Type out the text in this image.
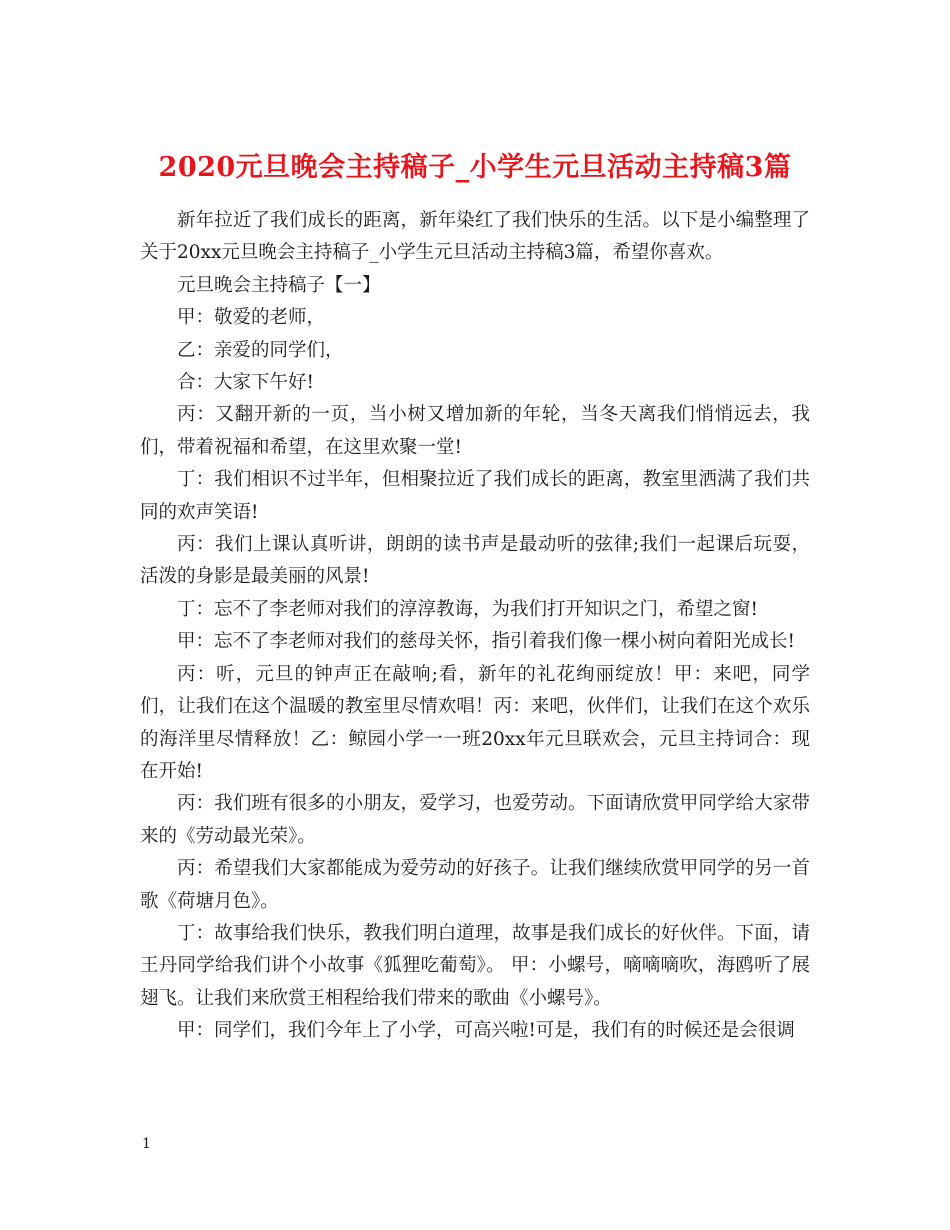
2020元旦晚会主持稿子_小学生元旦活动主持稿3篇

新年拉近了我们成长的距离，新年染红了我们快乐的生活。以下是小编整理了关于20xx元旦晚会主持稿子_小学生元旦活动主持稿3篇，希望你喜欢。

元旦晚会主持稿子【一】

甲：敬爱的老师，

乙：亲爱的同学们，

合：大家下午好!

丙：又翻开新的一页，当小树又增加新的年轮，当冬天离我们悄悄远去，我们，带着祝福和希望，在这里欢聚一堂!

丁：我们相识不过半年，但相聚拉近了我们成长的距离，教室里洒满了我们共同的欢声笑语!

丙：我们上课认真听讲，朗朗的读书声是最动听的弦律;我们一起课后玩耍，活泼的身影是最美丽的风景!

丁：忘不了李老师对我们的淳淳教诲，为我们打开知识之门，希望之窗!

甲：忘不了李老师对我们的慈母关怀，指引着我们像一棵小树向着阳光成长!

丙：听，元旦的钟声正在敲响;看，新年的礼花绚丽绽放！甲：来吧，同学们，让我们在这个温暖的教室里尽情欢唱！丙：来吧，伙伴们，让我们在这个欢乐的海洋里尽情释放！乙：鲸园小学一一班20xx年元旦联欢会，元旦主持词合：现在开始!

丙：我们班有很多的小朋友，爱学习，也爱劳动。下面请欣赏甲同学给大家带来的《劳动最光荣》。

丙：希望我们大家都能成为爱劳动的好孩子。让我们继续欣赏甲同学的另一首歌《荷塘月色》。

丁：故事给我们快乐，教我们明白道理，故事是我们成长的好伙伴。下面，请王丹同学给我们讲个小故事《狐狸吃葡萄》。 甲：小螺号，嘀嘀嘀吹，海鸥听了展翅飞。让我们来欣赏王相程给我们带来的歌曲《小螺号》。

甲：同学们，我们今年上了小学，可高兴啦!可是，我们有的时候还是会很调

1
